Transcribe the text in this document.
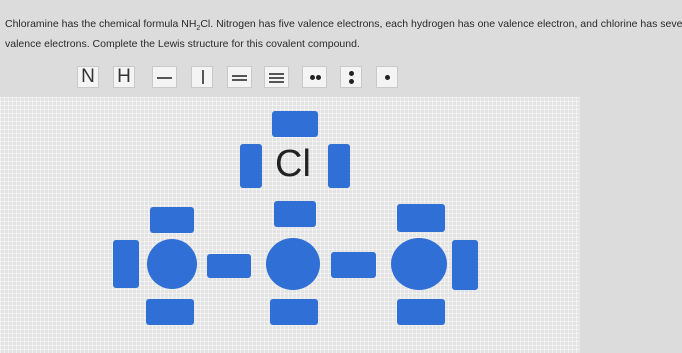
Chloramine has the chemical formula $NH_2Cl$. Nitrogen has five valence electrons, each hydrogen has one valence electron, and chlorine has seve
valence electrons. Complete the Lewis structure for this covalent compound.
N H
Cl
